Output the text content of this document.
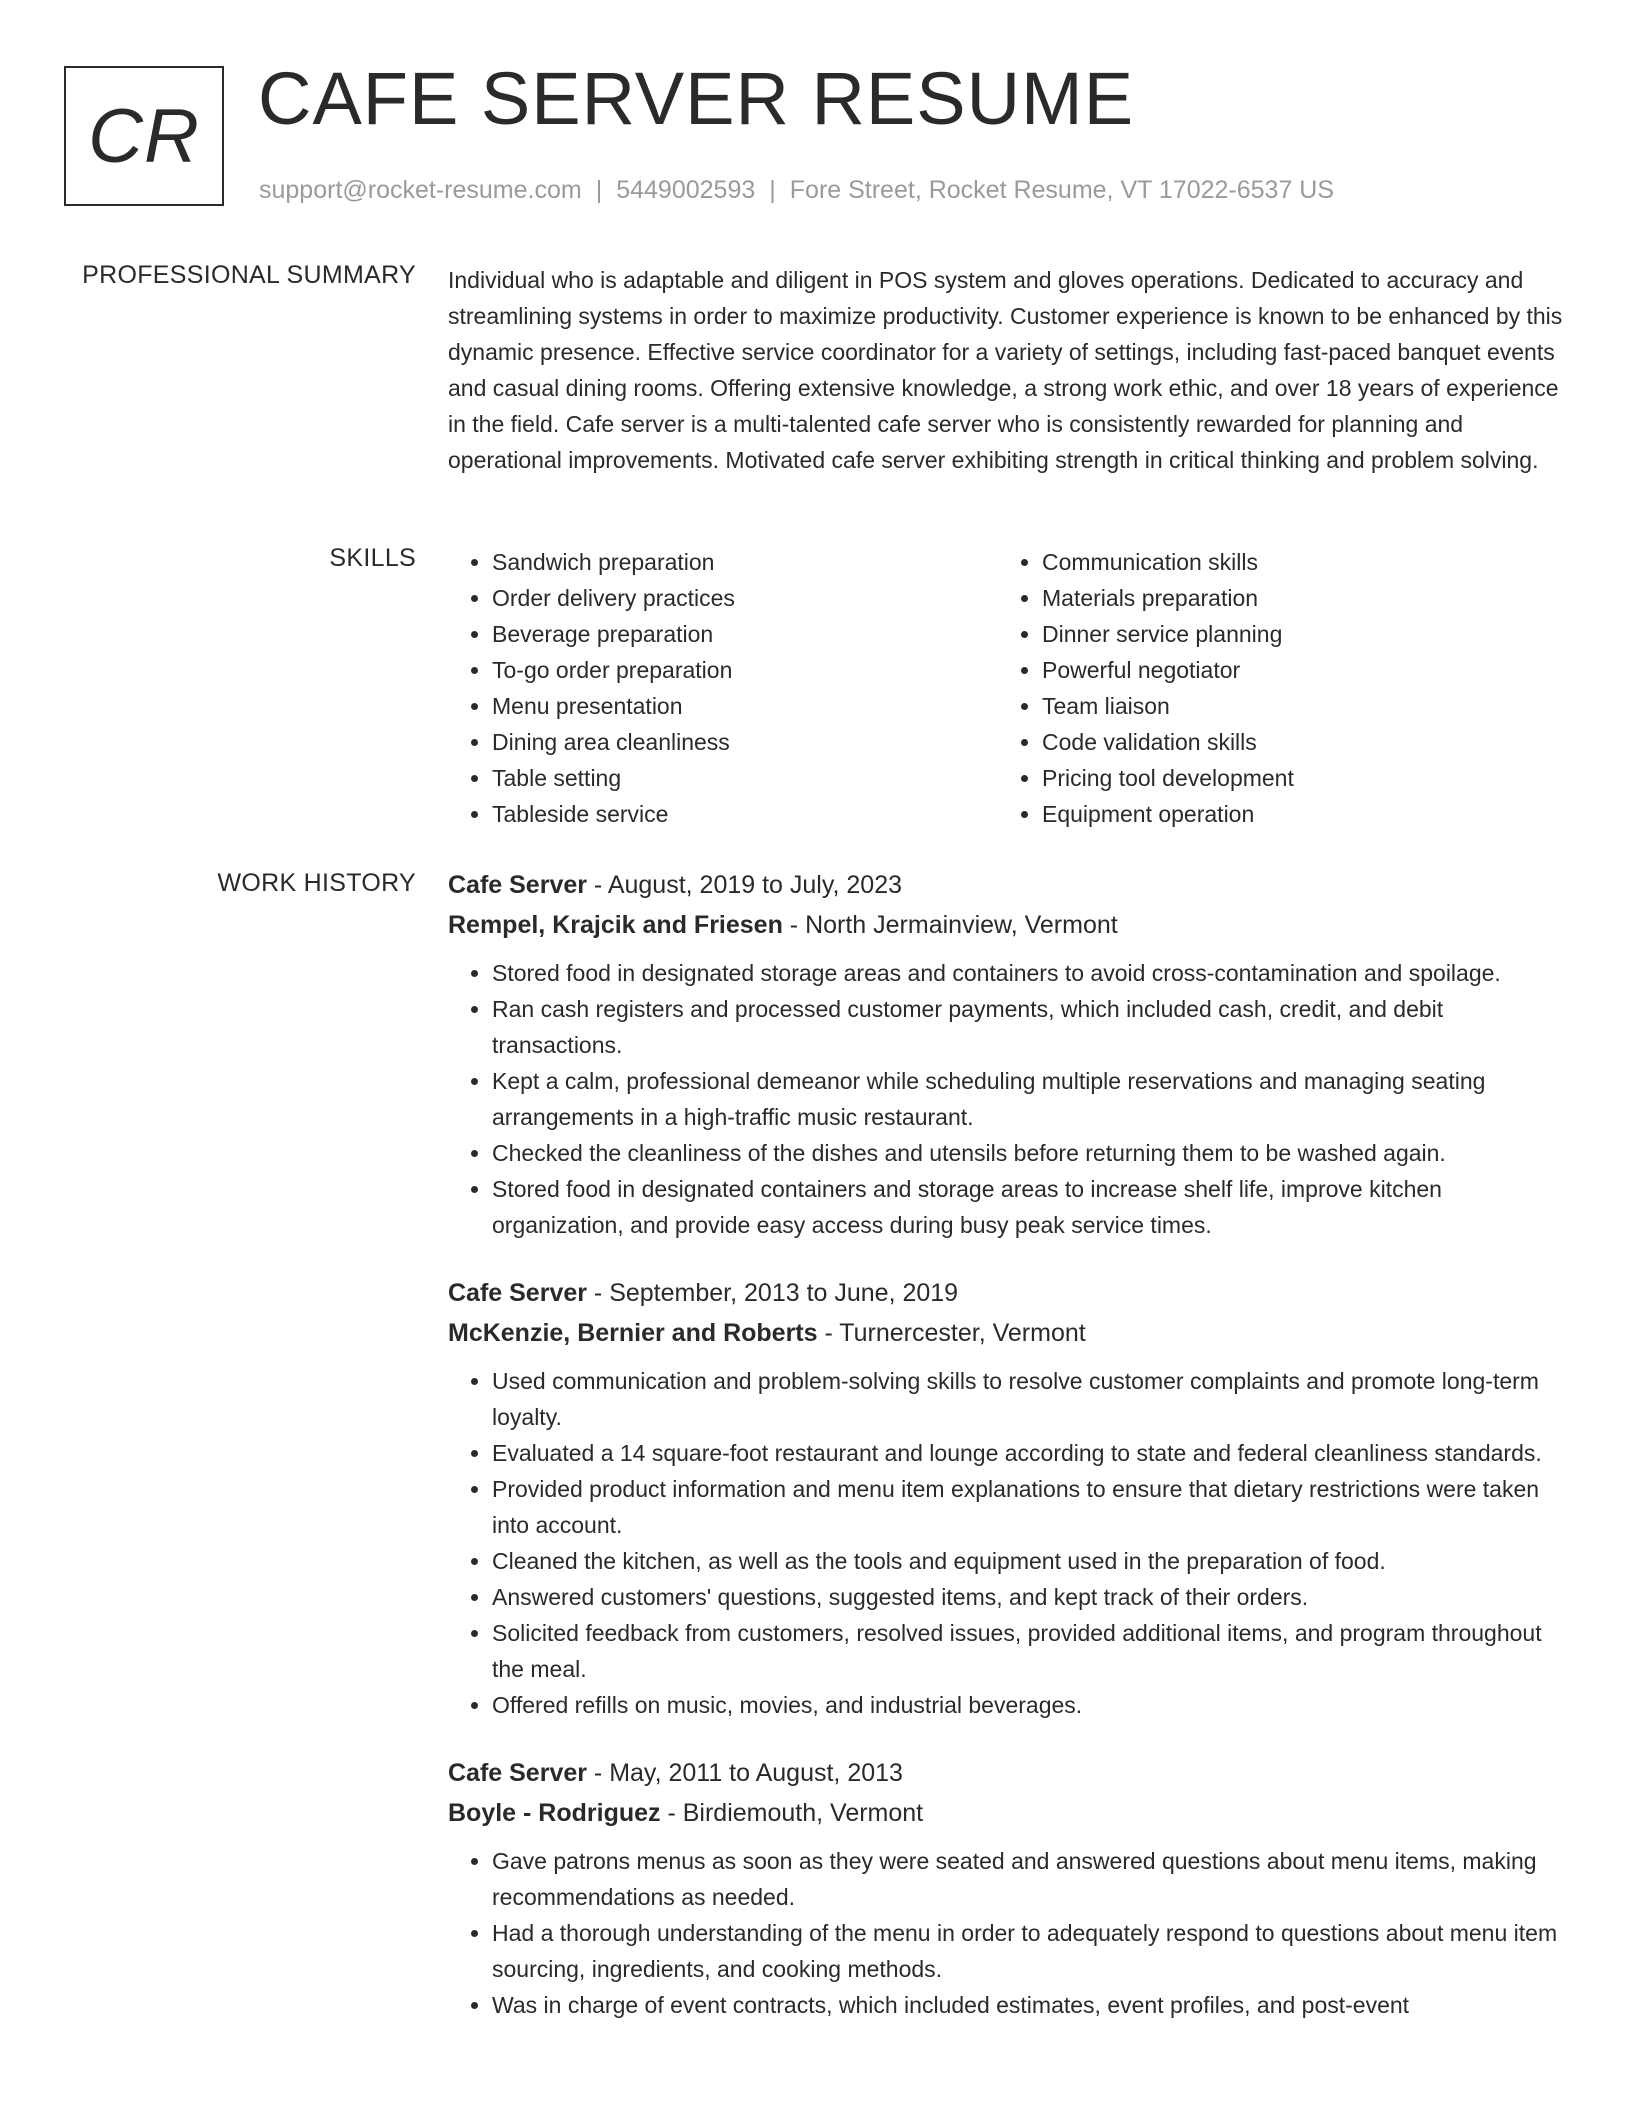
CR CAFE SERVER RESUME
support@rocket-resume.com | 5449002593 | Fore Street, Rocket Resume, VT 17022-6537 US
PROFESSIONAL SUMMARY Individual who is adaptable and diligent in POS system and gloves operations. Dedicated to accuracy and streamlining systems in order to maximize productivity. Customer experience is known to be enhanced by this dynamic presence. Effective service coordinator for a variety of settings, including fast-paced banquet events and casual dining rooms. Offering extensive knowledge, a strong work ethic, and over 18 years of experience in the field. Cafe server is a multi-talented cafe server who is consistently rewarded for planning and operational improvements. Motivated cafe server exhibiting strength in critical thinking and problem solving.

SKILLS
•	Sandwich preparation
• Order delivery practices
• Beverage preparation
• To-go order preparation
• Menu presentation
• Dining area cleanliness
• Table setting
• Tableside service
• Communication skills
• Materials preparation
• Dinner service planning
• Powerful negotiator
• Team liaison
• Code validation skills
• Pricing tool development
• Equipment operation
WORK HISTORY Cafe Server - August, 2019 to July, 2023
Rempel, Krajcik and Friesen - North Jermainview, Vermont
• Stored food in designated storage areas and containers to avoid cross-contamination and spoilage.
• Ran cash registers and processed customer payments, which included cash, credit, and debit transactions.
• Kept a calm, professional demeanor while scheduling multiple reservations and managing seating arrangements in a high-traffic music restaurant.
• Checked the cleanliness of the dishes and utensils before returning them to be washed again.
• Stored food in designated containers and storage areas to increase shelf life, improve kitchen organization, and provide easy access during busy peak service times.
Cafe Server - September, 2013 to June, 2019
McKenzie, Bernier and Roberts - Turnercester, Vermont
• Used communication and problem-solving skills to resolve customer complaints and promote long-term loyalty.
• Evaluated a 14 square-foot restaurant and lounge according to state and federal cleanliness standards.
• Provided product information and menu item explanations to ensure that dietary restrictions were taken into account.
• Cleaned the kitchen, as well as the tools and equipment used in the preparation of food.
• Answered customers' questions, suggested items, and kept track of their orders.
• Solicited feedback from customers, resolved issues, provided additional items, and program throughout the meal.
• Offered refills on music, movies, and industrial beverages.
Cafe Server - May, 2011 to August, 2013
Boyle - Rodriguez - Birdiemouth, Vermont
• Gave patrons menus as soon as they were seated and answered questions about menu items, making recommendations as needed.
• Had a thorough understanding of the menu in order to adequately respond to questions about menu item sourcing, ingredients, and cooking methods.
• Was in charge of event contracts, which included estimates, event profiles, and post-event
